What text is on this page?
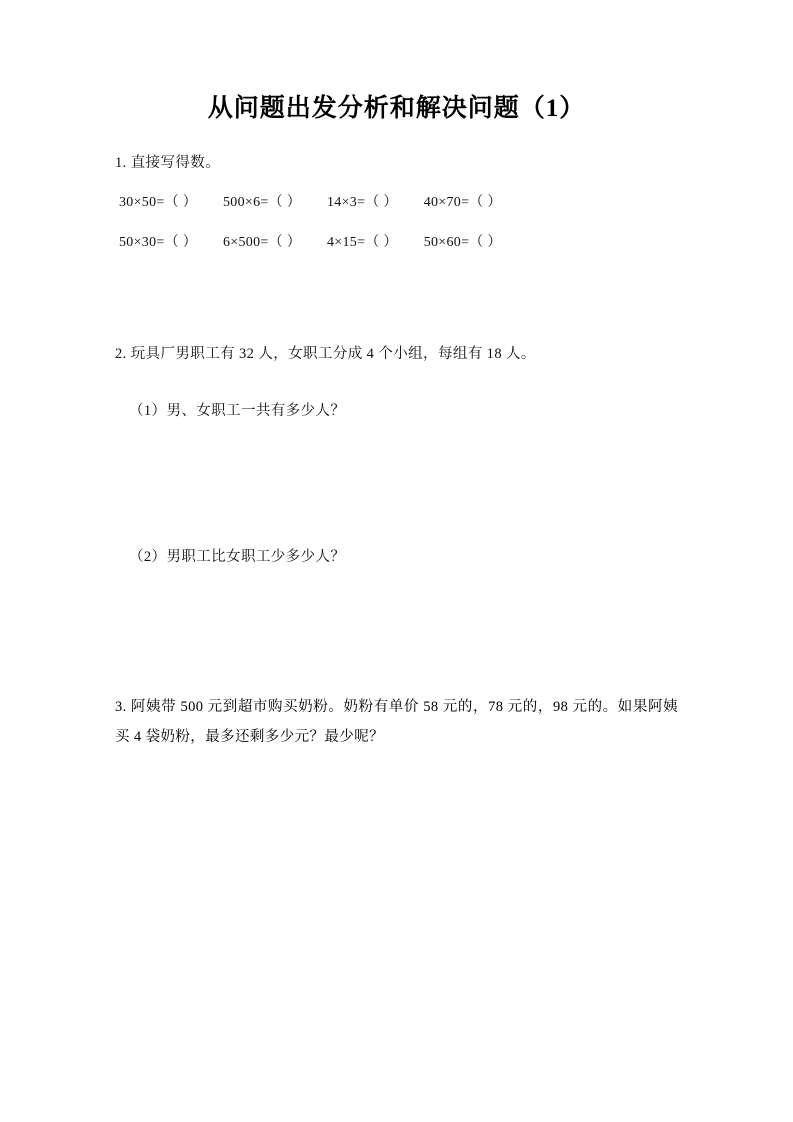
从问题出发分析和解决问题（1）

1. 直接写得数。

30×50=（ ） 500×6=（ ） 14×3=（ ） 40×70=（ ）
50×30=（ ） 6×500=（ ） 4×15=（ ） 50×60=（ ）

2. 玩具厂男职工有 32 人，女职工分成 4 个小组，每组有 18 人。

（1）男、女职工一共有多少人？

（2）男职工比女职工少多少人？

3. 阿姨带 500 元到超市购买奶粉。奶粉有单价 58 元的，78 元的，98 元的。如果阿姨买 4 袋奶粉，最多还剩多少元？最少呢？
